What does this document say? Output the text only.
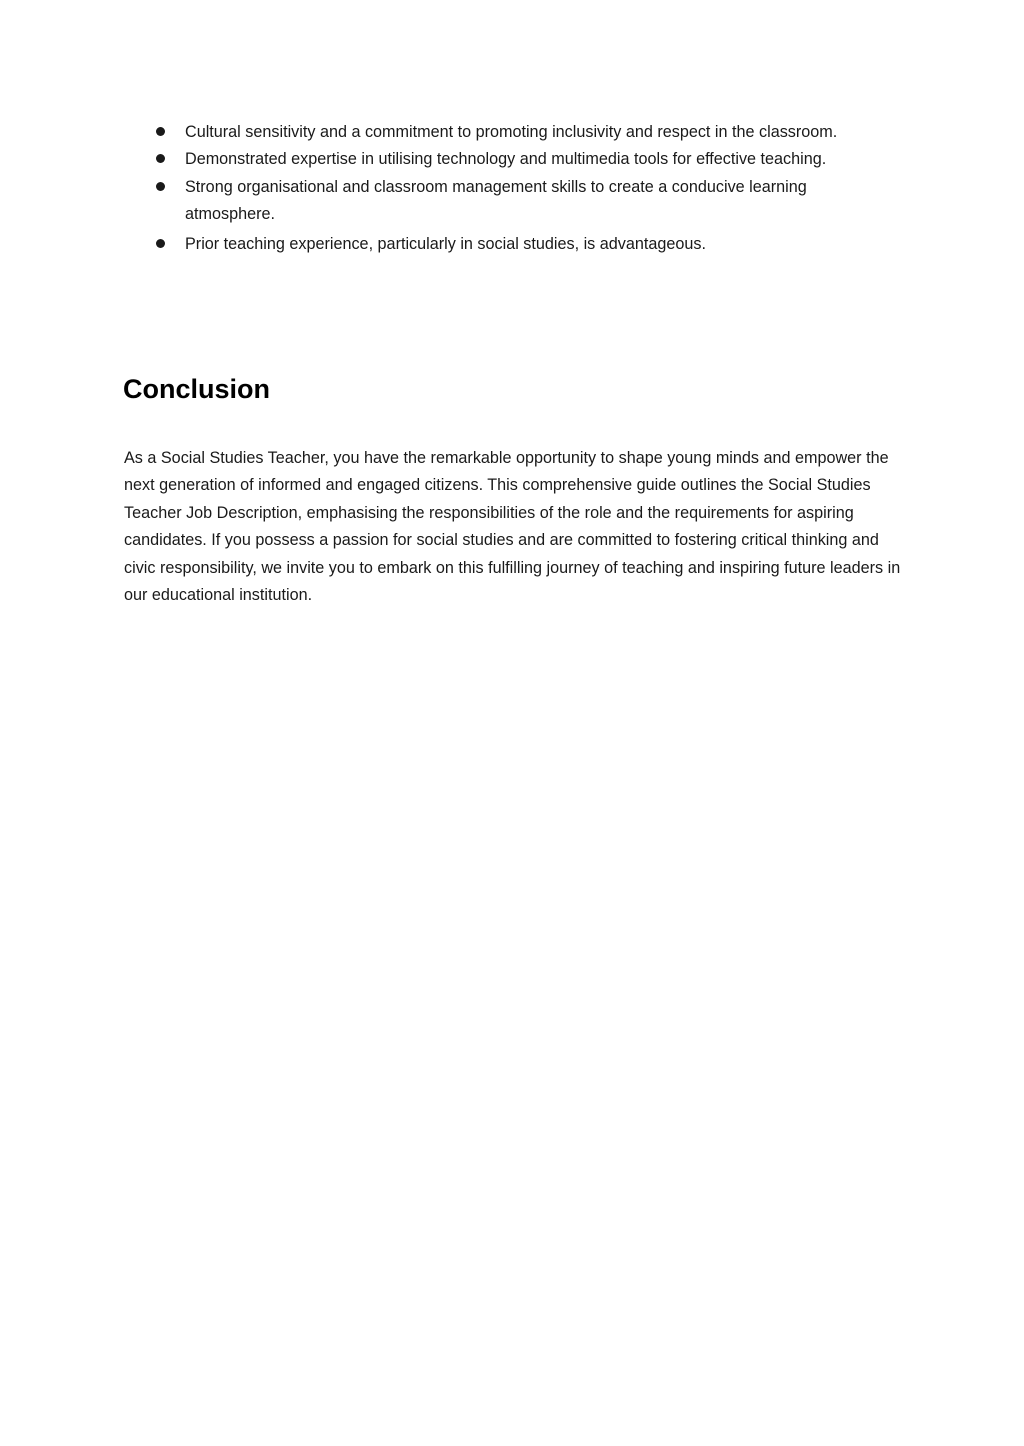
Cultural sensitivity and a commitment to promoting inclusivity and respect in the classroom.
Demonstrated expertise in utilising technology and multimedia tools for effective teaching.
Strong organisational and classroom management skills to create a conducive learning atmosphere.
Prior teaching experience, particularly in social studies, is advantageous.
Conclusion

As a Social Studies Teacher, you have the remarkable opportunity to shape young minds and empower the next generation of informed and engaged citizens. This comprehensive guide outlines the Social Studies Teacher Job Description, emphasising the responsibilities of the role and the requirements for aspiring candidates. If you possess a passion for social studies and are committed to fostering critical thinking and civic responsibility, we invite you to embark on this fulfilling journey of teaching and inspiring future leaders in our educational institution.
